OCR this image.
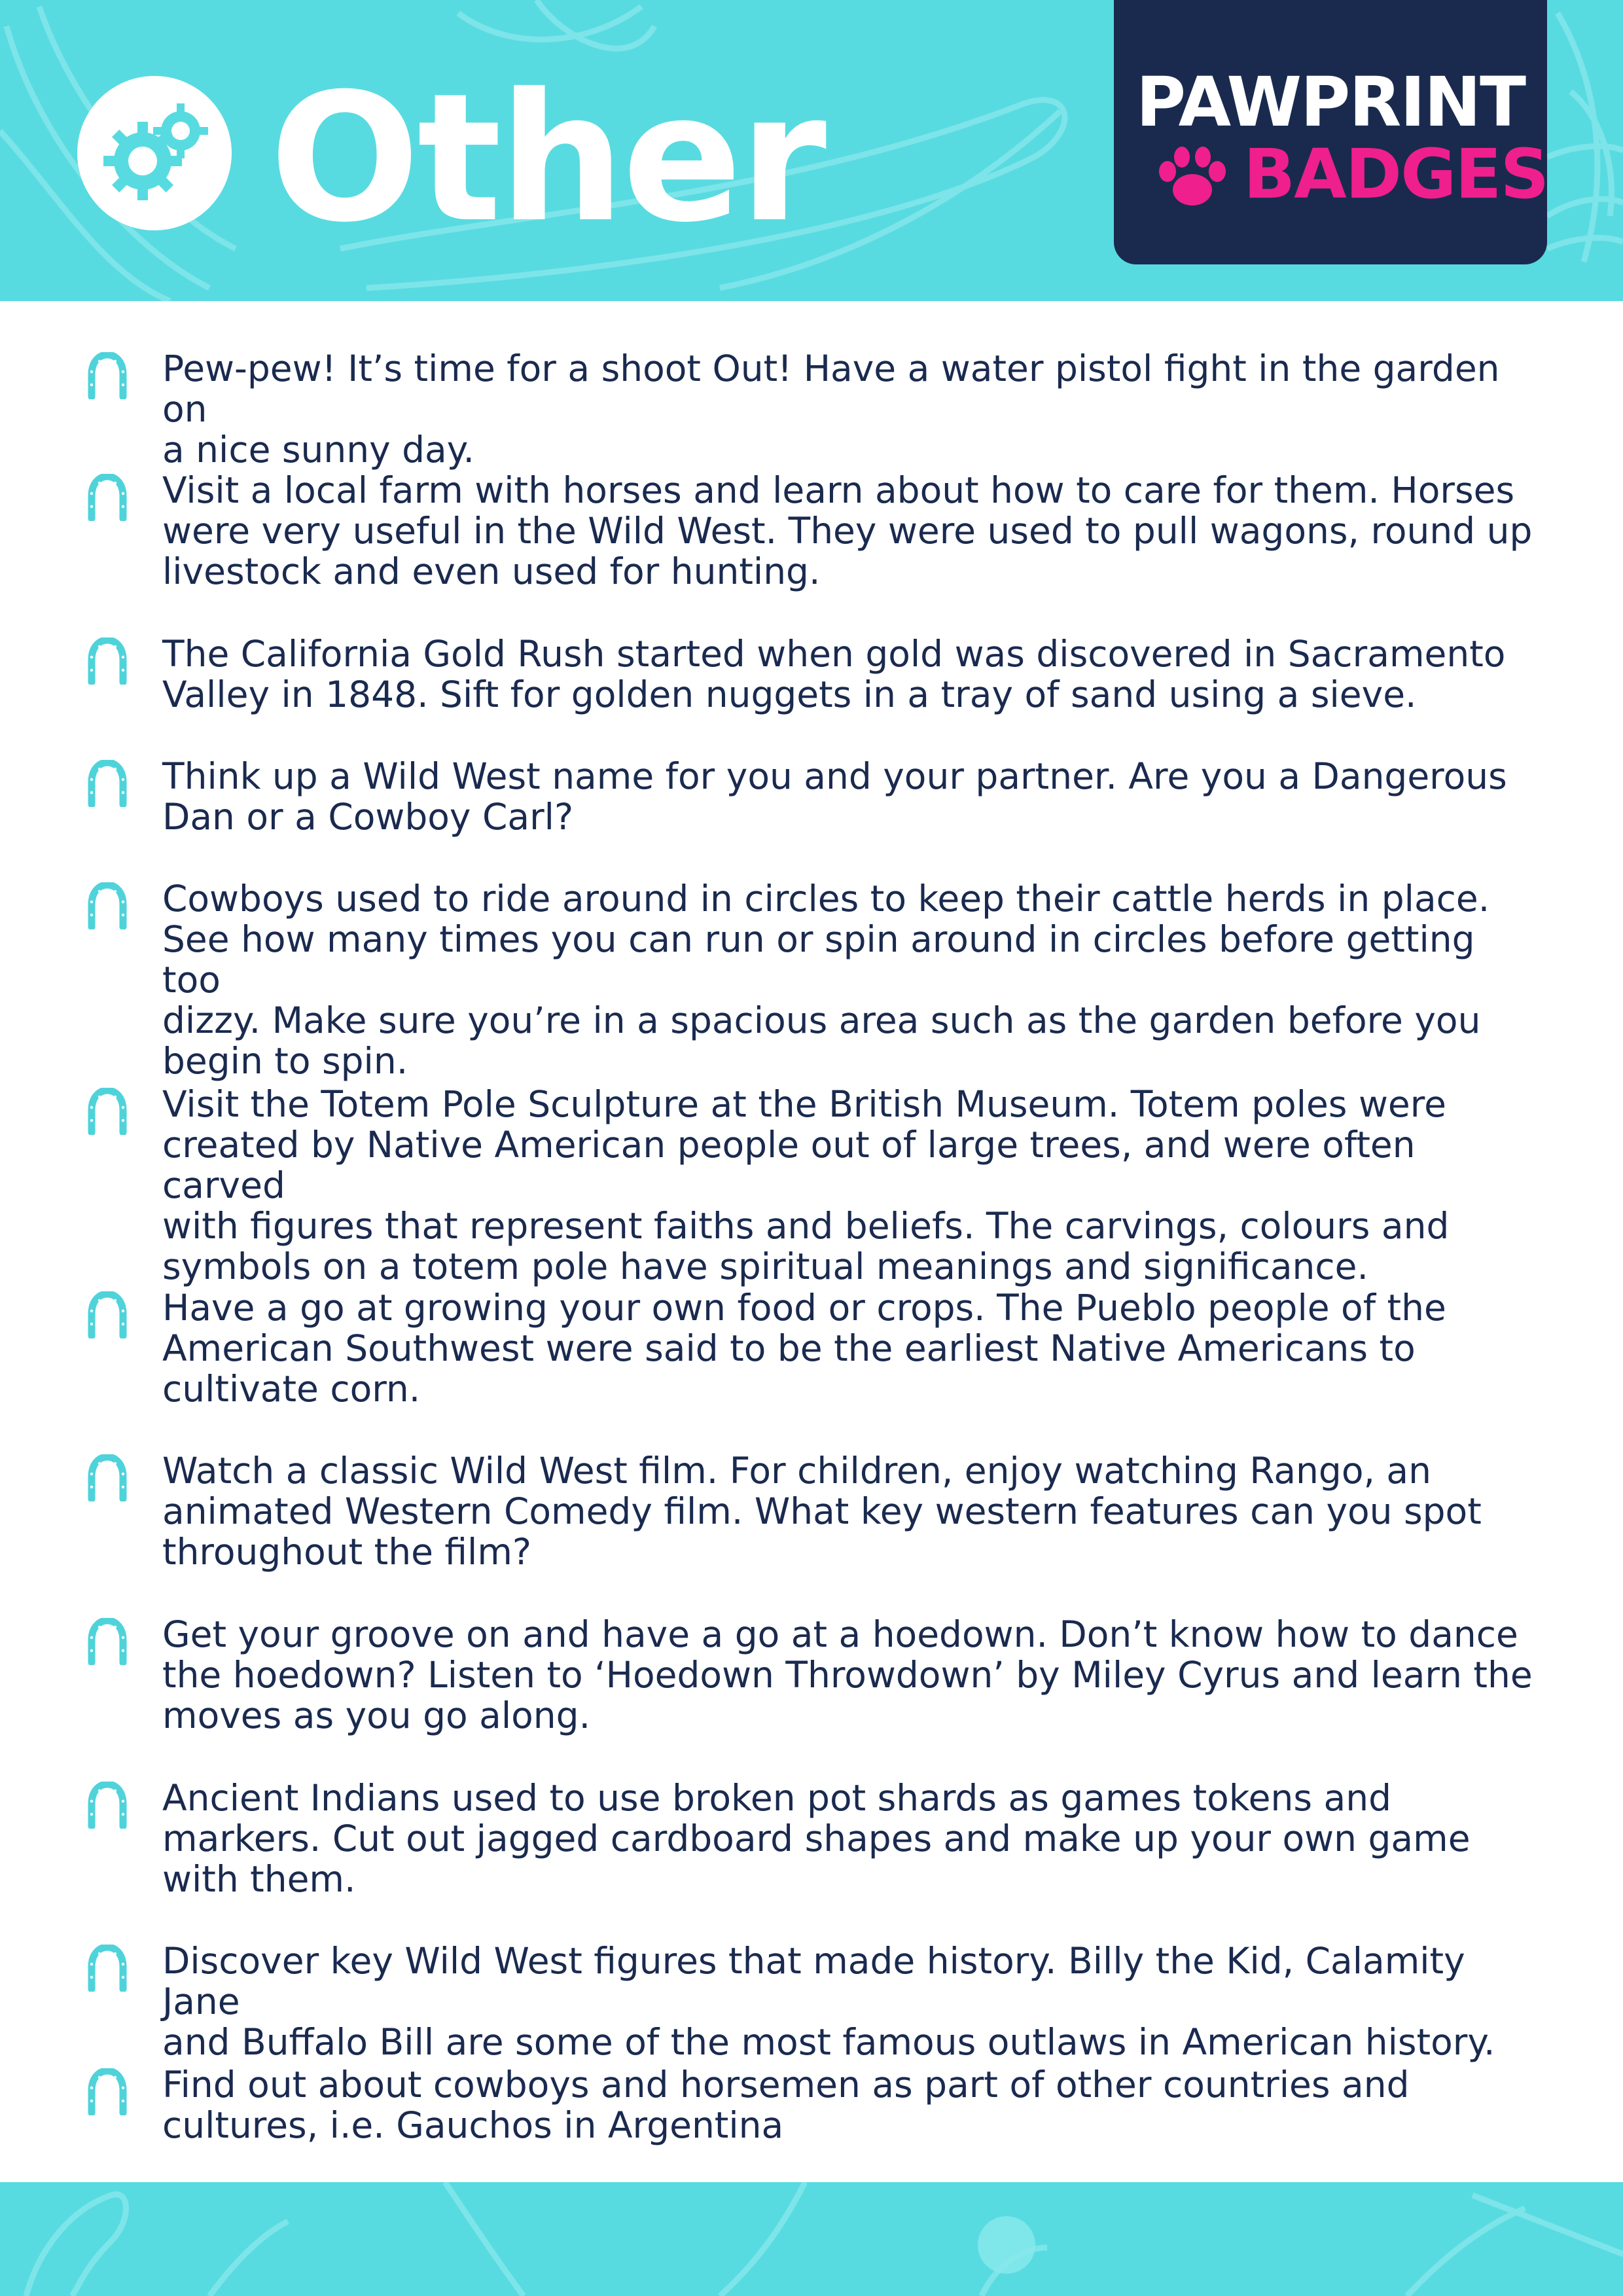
Other	PAWPRINT
BADGES
Pew-pew! It’s time for a shoot Out! Have a water pistol fight in the garden on
a nice sunny day.
Visit a local farm with horses and learn about how to care for them. Horses
were very useful in the Wild West. They were used to pull wagons, round up
livestock and even used for hunting.
The California Gold Rush started when gold was discovered in Sacramento
Valley in 1848. Sift for golden nuggets in a tray of sand using a sieve.
Think up a Wild West name for you and your partner. Are you a Dangerous
Dan or a Cowboy Carl?
Cowboys used to ride around in circles to keep their cattle herds in place.
See how many times you can run or spin around in circles before getting too
dizzy. Make sure you’re in a spacious area such as the garden before you
begin to spin.
Visit the Totem Pole Sculpture at the British Museum. Totem poles were
created by Native American people out of large trees, and were often carved
with figures that represent faiths and beliefs. The carvings, colours and
symbols on a totem pole have spiritual meanings and significance.
Have a go at growing your own food or crops. The Pueblo people of the
American Southwest were said to be the earliest Native Americans to
cultivate corn.
Watch a classic Wild West film. For children, enjoy watching Rango, an
animated Western Comedy film. What key western features can you spot
throughout the film?
Get your groove on and have a go at a hoedown. Don’t know how to dance
the hoedown? Listen to ‘Hoedown Throwdown’ by Miley Cyrus and learn the
moves as you go along.
Ancient Indians used to use broken pot shards as games tokens and
markers. Cut out jagged cardboard shapes and make up your own game
with them.
Discover key Wild West figures that made history. Billy the Kid, Calamity Jane
and Buffalo Bill are some of the most famous outlaws in American history.
Find out about cowboys and horsemen as part of other countries and
cultures, i.e. Gauchos in Argentina
